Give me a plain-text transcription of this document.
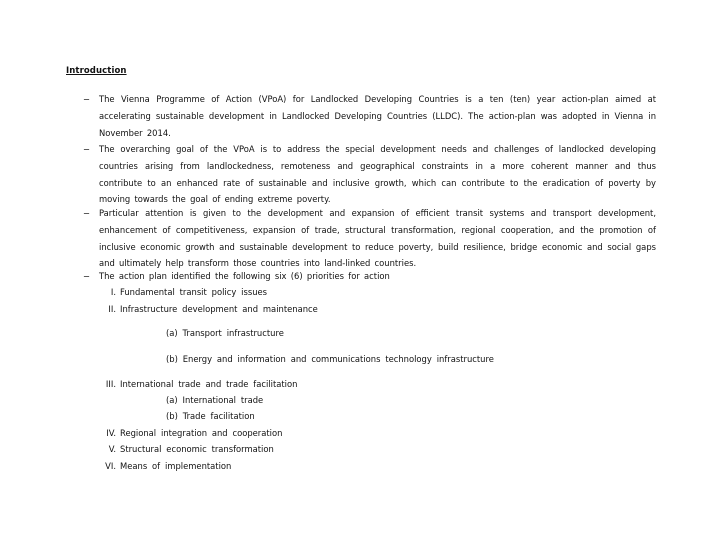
Introduction
− The Vienna Programme of Action (VPoA) for Landlocked Developing Countries is a ten (ten) year action-plan aimed at accelerating sustainable development in Landlocked Developing Countries (LLDC). The action-plan was adopted in Vienna in November 2014.
− The overarching goal of the VPoA is to address the special development needs and challenges of landlocked developing countries arising from landlockedness, remoteness and geographical constraints in a more coherent manner and thus contribute to an enhanced rate of sustainable and inclusive growth, which can contribute to the eradication of poverty by moving towards the goal of ending extreme poverty.
− Particular attention is given to the development and expansion of efficient transit systems and transport development, enhancement of competitiveness, expansion of trade, structural transformation, regional cooperation, and the promotion of inclusive economic growth and sustainable development to reduce poverty, build resilience, bridge economic and social gaps and ultimately help transform those countries into land-linked countries.
− The action plan identified the following six (6) priorities for action
I. Fundamental transit policy issues
II. Infrastructure development and maintenance
(a) Transport infrastructure
(b) Energy and information and communications technology infrastructure
III. International trade and trade facilitation
(a) International trade
(b) Trade facilitation
IV. Regional integration and cooperation
V. Structural economic transformation
VI. Means of implementation
